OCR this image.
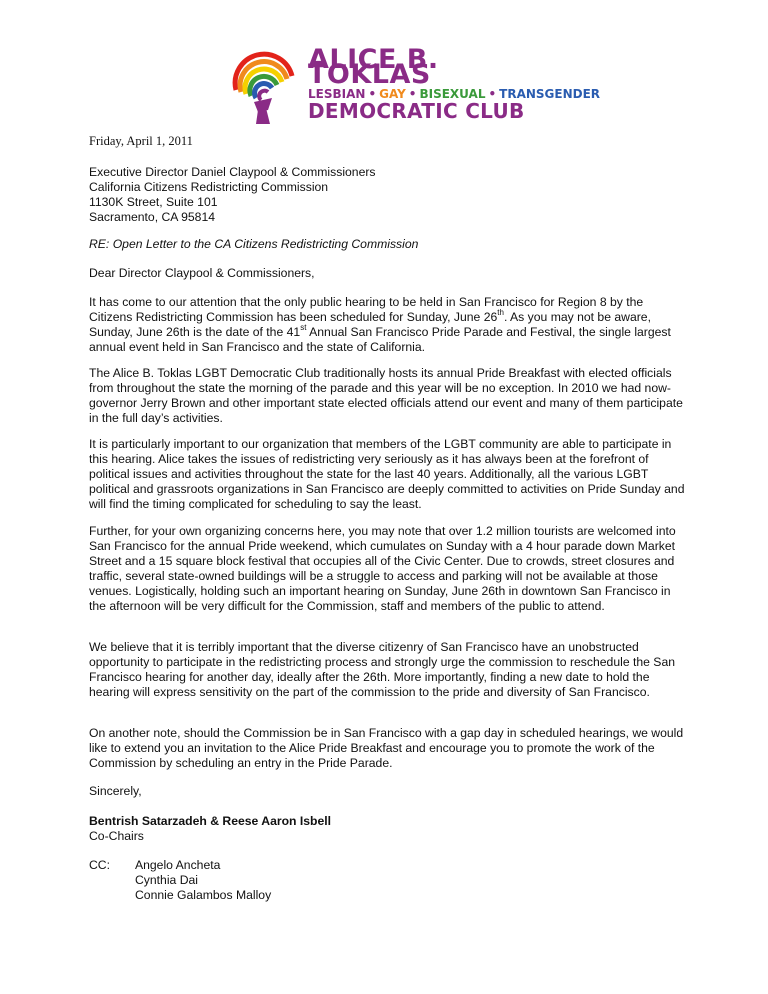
ALICE B. TOKLAS
LESBIAN • GAY • BISEXUAL • TRANSGENDER
DEMOCRATIC CLUB
Friday, April 1, 2011
Executive Director Daniel Claypool & Commissioners
California Citizens Redistricting Commission
1130K Street, Suite 101
Sacramento, CA 95814
RE: Open Letter to the CA Citizens Redistricting Commission
Dear Director Claypool & Commissioners,

It has come to our attention that the only public hearing to be held in San Francisco for Region 8 by the Citizens Redistricting Commission has been scheduled for Sunday, June 26th. As you may not be aware, Sunday, June 26th is the date of the 41st Annual San Francisco Pride Parade and Festival, the single largest annual event held in San Francisco and the state of California.

The Alice B. Toklas LGBT Democratic Club traditionally hosts its annual Pride Breakfast with elected officials from throughout the state the morning of the parade and this year will be no exception. In 2010 we had now-governor Jerry Brown and other important state elected officials attend our event and many of them participate in the full day’s activities.

It is particularly important to our organization that members of the LGBT community are able to participate in this hearing. Alice takes the issues of redistricting very seriously as it has always been at the forefront of political issues and activities throughout the state for the last 40 years. Additionally, all the various LGBT political and grassroots organizations in San Francisco are deeply committed to activities on Pride Sunday and will find the timing complicated for scheduling to say the least.

Further, for your own organizing concerns here, you may note that over 1.2 million tourists are welcomed into San Francisco for the annual Pride weekend, which cumulates on Sunday with a 4 hour parade down Market Street and a 15 square block festival that occupies all of the Civic Center. Due to crowds, street closures and traffic, several state-owned buildings will be a struggle to access and parking will not be available at those venues. Logistically, holding such an important hearing on Sunday, June 26th in downtown San Francisco in the afternoon will be very difficult for the Commission, staff and members of the public to attend.

We believe that it is terribly important that the diverse citizenry of San Francisco have an unobstructed opportunity to participate in the redistricting process and strongly urge the commission to reschedule the San Francisco hearing for another day, ideally after the 26th. More importantly, finding a new date to hold the hearing will express sensitivity on the part of the commission to the pride and diversity of San Francisco.

On another note, should the Commission be in San Francisco with a gap day in scheduled hearings, we would like to extend you an invitation to the Alice Pride Breakfast and encourage you to promote the work of the Commission by scheduling an entry in the Pride Parade.

Sincerely,
Bentrish Satarzadeh & Reese Aaron Isbell
Co-Chairs
CC: Angelo Ancheta
Cynthia Dai
Connie Galambos Malloy
